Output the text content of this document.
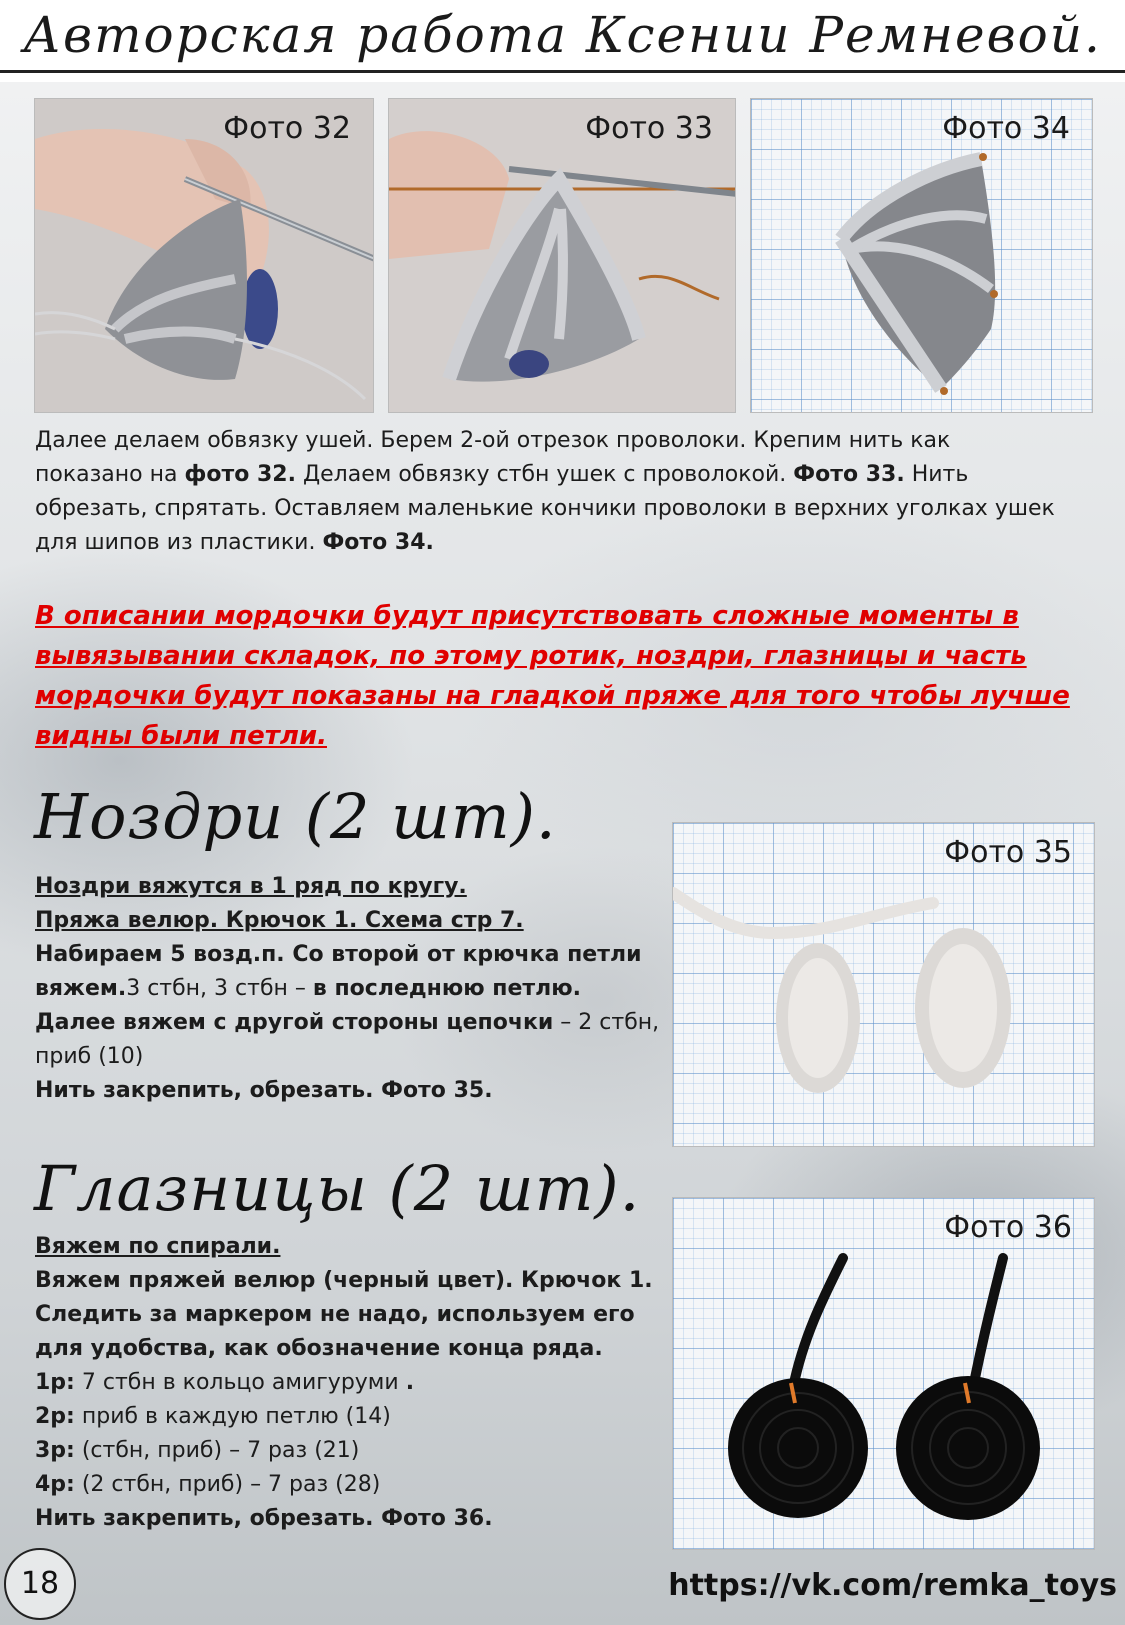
Авторская работа Ксении Ремневой.
Фото 32	Фото 33	Фото 34
Далее делаем обвязку ушей. Берем 2-ой отрезок проволоки. Крепим нить как
показано на фото 32. Делаем обвязку стбн ушек с проволокой. Фото 33. Нить
обрезать, спрятать. Оставляем маленькие кончики проволоки в верхних уголках ушек
для шипов из пластики. Фото 34.
В описании мордочки будут присутствовать сложные моменты в
вывязывании складок, по этому ротик, ноздри, глазницы и часть
мордочки будут показаны на гладкой пряже для того чтобы лучше
видны были петли.
Ноздри (2 шт).
Ноздри вяжутся в 1 ряд по кругу.
Пряжа велюр. Крючок 1. Схема стр 7.
Набираем 5 возд.п. Со второй от крючка петли
вяжем.3 стбн, 3 стбн – в последнюю петлю.
Далее вяжем с другой стороны цепочки – 2 стбн,
приб (10)
Нить закрепить, обрезать. Фото 35.
Фото 35
Глазницы (2 шт).
Вяжем по спирали.
Вяжем пряжей велюр (черный цвет). Крючок 1.
Следить за маркером не надо, используем его
для удобства, как обозначение конца ряда.
1р: 7 стбн в кольцо амигуруми .
2р: приб в каждую петлю (14)
3р: (стбн, приб) – 7 раз (21)
4р: (2 стбн, приб) – 7 раз (28)
Нить закрепить, обрезать. Фото 36.
Фото 36
18	https://vk.com/remka_toys
